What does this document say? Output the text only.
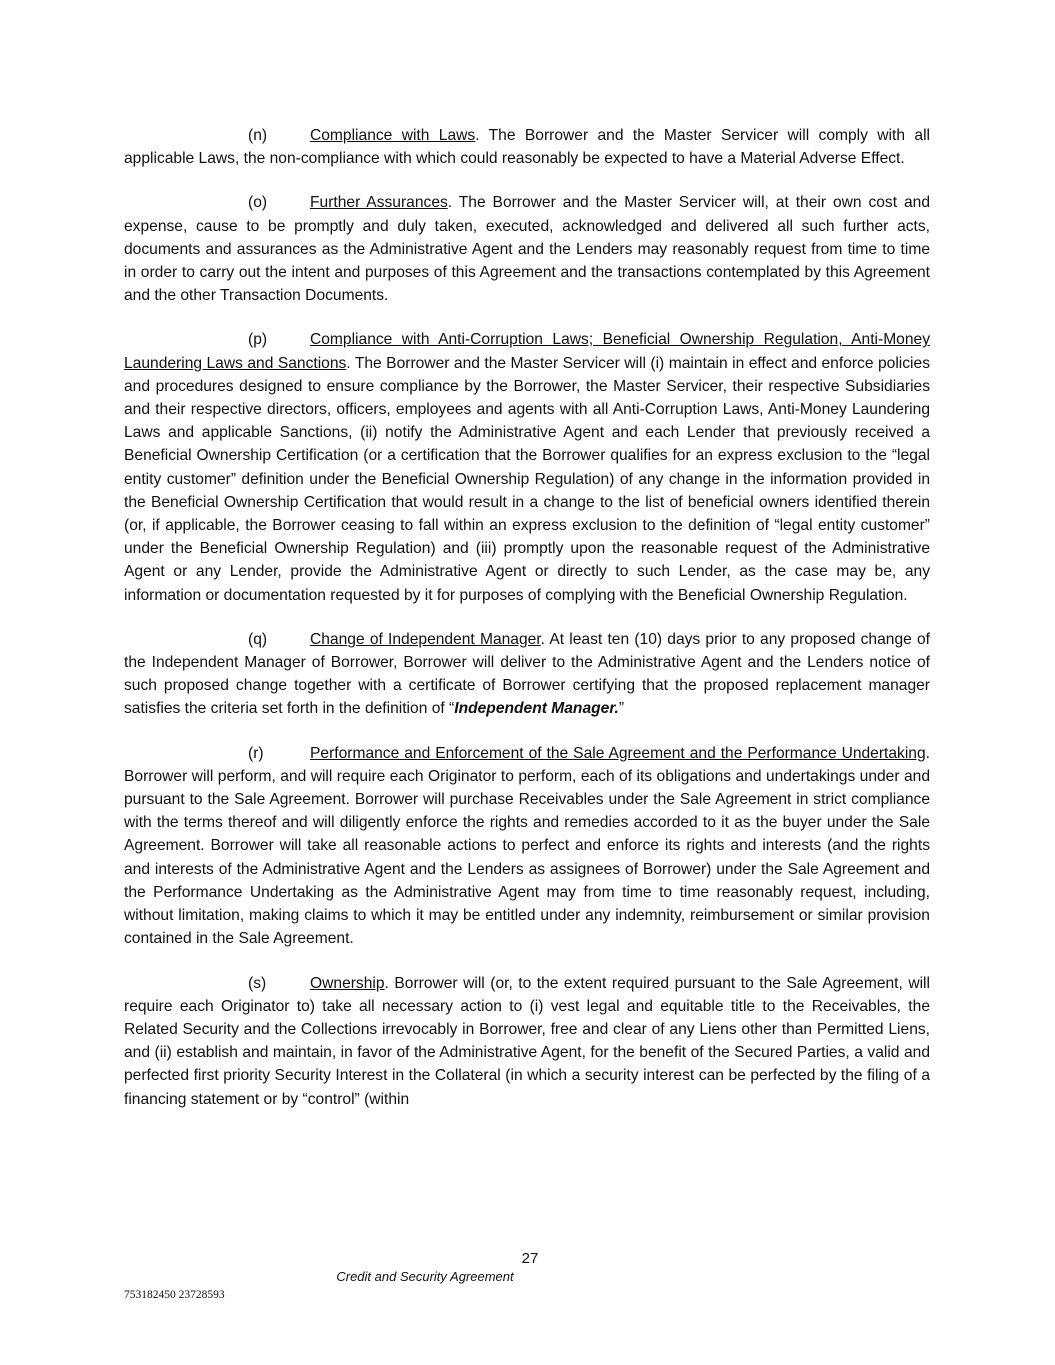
(n)	Compliance with Laws. The Borrower and the Master Servicer will comply with all applicable Laws, the non-compliance with which could reasonably be expected to have a Material Adverse Effect.

(o)	Further Assurances. The Borrower and the Master Servicer will, at their own cost and expense, cause to be promptly and duly taken, executed, acknowledged and delivered all such further acts, documents and assurances as the Administrative Agent and the Lenders may reasonably request from time to time in order to carry out the intent and purposes of this Agreement and the transactions contemplated by this Agreement and the other Transaction Documents.

(p)	Compliance with Anti-Corruption Laws; Beneficial Ownership Regulation, Anti-Money Laundering Laws and Sanctions. The Borrower and the Master Servicer will (i) maintain in effect and enforce policies and procedures designed to ensure compliance by the Borrower, the Master Servicer, their respective Subsidiaries and their respective directors, officers, employees and agents with all Anti-Corruption Laws, Anti-Money Laundering Laws and applicable Sanctions, (ii) notify the Administrative Agent and each Lender that previously received a Beneficial Ownership Certification (or a certification that the Borrower qualifies for an express exclusion to the “legal entity customer” definition under the Beneficial Ownership Regulation) of any change in the information provided in the Beneficial Ownership Certification that would result in a change to the list of beneficial owners identified therein (or, if applicable, the Borrower ceasing to fall within an express exclusion to the definition of “legal entity customer” under the Beneficial Ownership Regulation) and (iii) promptly upon the reasonable request of the Administrative Agent or any Lender, provide the Administrative Agent or directly to such Lender, as the case may be, any information or documentation requested by it for purposes of complying with the Beneficial Ownership Regulation.

(q)	Change of Independent Manager. At least ten (10) days prior to any proposed change of the Independent Manager of Borrower, Borrower will deliver to the Administrative Agent and the Lenders notice of such proposed change together with a certificate of Borrower certifying that the proposed replacement manager satisfies the criteria set forth in the definition of “Independent Manager.”

(r)	Performance and Enforcement of the Sale Agreement and the Performance Undertaking. Borrower will perform, and will require each Originator to perform, each of its obligations and undertakings under and pursuant to the Sale Agreement. Borrower will purchase Receivables under the Sale Agreement in strict compliance with the terms thereof and will diligently enforce the rights and remedies accorded to it as the buyer under the Sale Agreement. Borrower will take all reasonable actions to perfect and enforce its rights and interests (and the rights and interests of the Administrative Agent and the Lenders as assignees of Borrower) under the Sale Agreement and the Performance Undertaking as the Administrative Agent may from time to time reasonably request, including, without limitation, making claims to which it may be entitled under any indemnity, reimbursement or similar provision contained in the Sale Agreement.

(s)	Ownership. Borrower will (or, to the extent required pursuant to the Sale Agreement, will require each Originator to) take all necessary action to (i) vest legal and equitable title to the Receivables, the Related Security and the Collections irrevocably in Borrower, free and clear of any Liens other than Permitted Liens, and (ii) establish and maintain, in favor of the Administrative Agent, for the benefit of the Secured Parties, a valid and perfected first priority Security Interest in the Collateral (in which a security interest can be perfected by the filing of a financing statement or by “control” (within

27
Credit and Security Agreement
753182450 23728593
